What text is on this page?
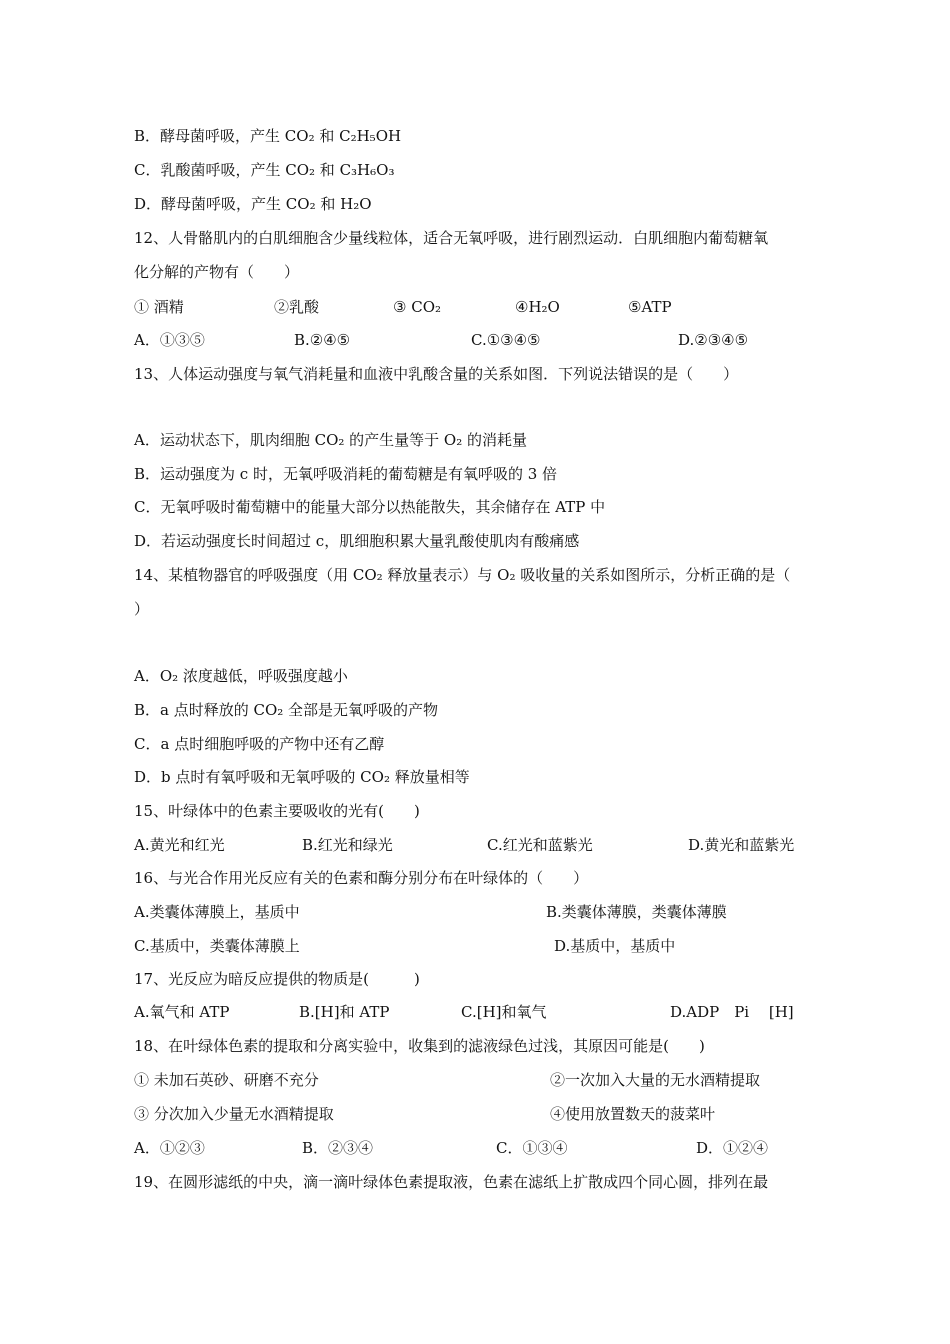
B．酵母菌呼吸，产生 CO₂ 和 C₂H₅OH
C．乳酸菌呼吸，产生 CO₂ 和 C₃H₆O₃
D．酵母菌呼吸，产生 CO₂ 和 H₂O
12、人骨骼肌内的白肌细胞含少量线粒体，适合无氧呼吸，进行剧烈运动．白肌细胞内葡萄糖氧
化分解的产物有（　　）
① 酒精	②乳酸	③ CO₂	④H₂O	⑤ATP
A．①③⑤	B.②④⑤	C.①③④⑤	D.②③④⑤
13、人体运动强度与氧气消耗量和血液中乳酸含量的关系如图．下列说法错误的是（　　）
A．运动状态下，肌肉细胞 CO₂ 的产生量等于 O₂ 的消耗量
B．运动强度为 c 时，无氧呼吸消耗的葡萄糖是有氧呼吸的 3 倍
C．无氧呼吸时葡萄糖中的能量大部分以热能散失，其余储存在 ATP 中
D．若运动强度长时间超过 c，肌细胞积累大量乳酸使肌肉有酸痛感
14、某植物器官的呼吸强度（用 CO₂ 释放量表示）与 O₂ 吸收量的关系如图所示，分析正确的是（
）
A．O₂ 浓度越低，呼吸强度越小
B．a 点时释放的 CO₂ 全部是无氧呼吸的产物
C．a 点时细胞呼吸的产物中还有乙醇
D．b 点时有氧呼吸和无氧呼吸的 CO₂ 释放量相等
15、叶绿体中的色素主要吸收的光有(　　)
A.黄光和红光	B.红光和绿光	C.红光和蓝紫光	D.黄光和蓝紫光
16、与光合作用光反应有关的色素和酶分别分布在叶绿体的（　　）
A.类囊体薄膜上，基质中	B.类囊体薄膜，类囊体薄膜
C.基质中，类囊体薄膜上	D.基质中，基质中
17、光反应为暗反应提供的物质是(　　　)
A.氧气和 ATP	B.[H]和 ATP	C.[H]和氧气	D.ADP　Pi　 [H]
18、在叶绿体色素的提取和分离实验中，收集到的滤液绿色过浅，其原因可能是(　　)
① 未加石英砂、研磨不充分	②一次加入大量的无水酒精提取
③ 分次加入少量无水酒精提取	④使用放置数天的菠菜叶
A．①②③	B．②③④	C．①③④	D．①②④
19、在圆形滤纸的中央，滴一滴叶绿体色素提取液，色素在滤纸上扩散成四个同心圆，排列在最
